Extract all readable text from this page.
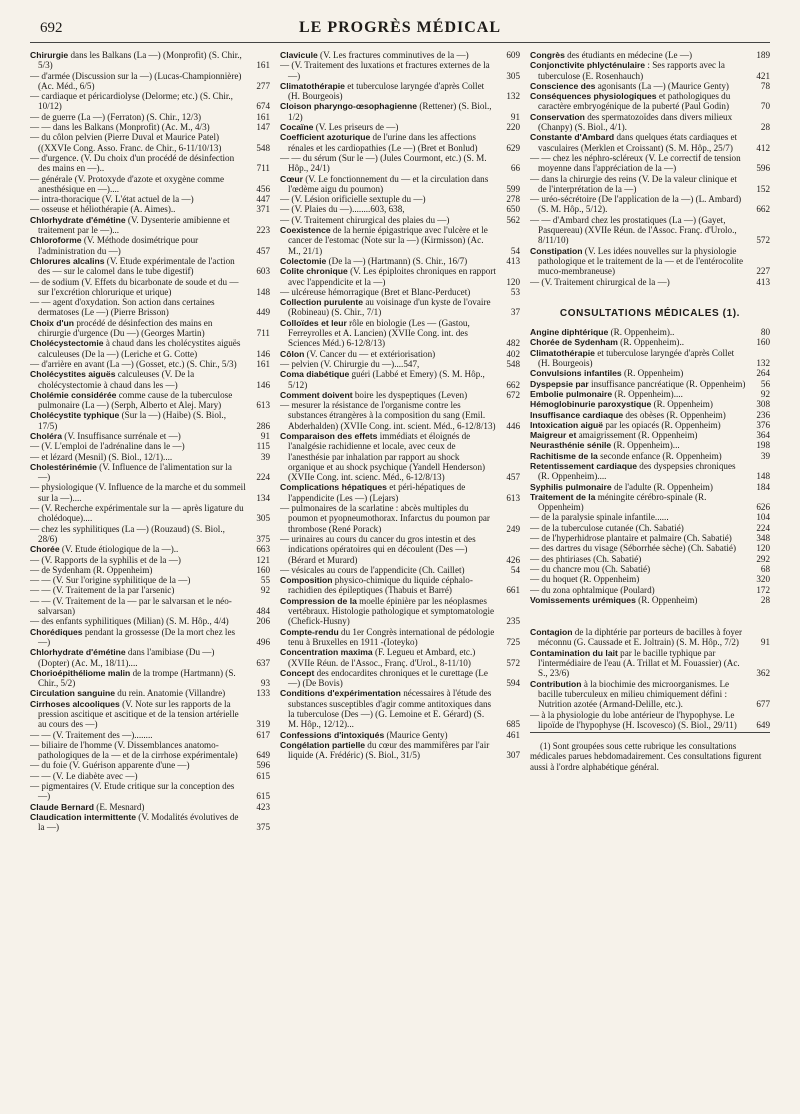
692	LE PROGRÈS MÉDICAL
Chirurgie dans les Balkans (La —) (Monprofit) (S. Chir., 5/3)	161
— d'armée (Discussion sur la —) (Lucas-Championnière) (Ac. Méd., 6/5)	277
— cardiaque et péricardiolyse (Delorme; etc.) (S. Chir., 10/12)	674
— de guerre (La —) (Ferraton) (S. Chir., 12/3)	161
— — dans les Balkans (Monprofit) (Ac. M., 4/3)	147
— du côlon pelvien (Pierre Duval et Maurice Patel) ((XXVIe Cong. Asso. Franc. de Chir., 6-11/10/13)	548
— d'urgence. (V. Du choix d'un procédé de désinfection des mains en —)..	711
— générale (V. Protoxyde d'azote et oxygène comme anesthésique en —)....	456
— intra-thoracique (V. L'état actuel de la —)	447
— osseuse et héliothérapie (A. Aimes)..	371
Chlorhydrate d'émétine (V. Dysenterie amibienne et traitement par le —)...	223
Chloroforme (V. Méthode dosimétrique pour l'administration du —)	457
Chlorures alcalins (V. Etude expérimentale de l'action des — sur le calomel dans le tube digestif)	603
— de sodium (V. Effets du bicarbonate de soude et du — sur l'excrétion chlorurique et urique)	148
— — agent d'oxydation. Son action dans certaines dermatoses (Le —) (Pierre Brisson)	449
Choix d'un procédé de désinfection des mains en chirurgie d'urgence (Du —) (Georges Martin)	711
Cholécystectomie à chaud dans les cholécystites aiguës calculeuses (De la —) (Leriche et G. Cotte)	146
— d'arrière en avant (La —) (Gosset, etc.) (S. Chir., 5/3)	161
Cholécystites aiguës calculeuses (V. De la cholécystectomie à chaud dans les —)	146
Cholémie considérée comme cause de la tuberculose pulmonaire (La —) (Serph, Alberto et Alej. Mary)	613
Cholécystite typhique (Sur la —) (Haibe) (S. Biol., 17/5)	286
Choléra (V. Insuffisance surrénale et —)	91
— (V. L'emploi de l'adrénaline dans le —)	115
— et lézard (Mesnil) (S. Biol., 12/1)....	39
Cholestérinémie (V. Influence de l'alimentation sur la —)	224
— physiologique (V. Influence de la marche et du sommeil sur la —)....	134
— (V. Recherche expérimentale sur la — après ligature du cholédoque)....	305
— chez les syphilitiques (La —) (Rouzaud) (S. Biol., 28/6)	375
Chorée (V. Etude étiologique de la —)..	663
— (V. Rapports de la syphilis et de la —)	121
— de Sydenham (R. Oppenheim)	160
— — (V. Sur l'origine syphilitique de la —)	55
— — (V. Traitement de la par l'arsenic)	92
— — (V. Traitement de la — par le salvarsan et le néo-salvarsan)	484
— des enfants syphilitiques (Milian) (S. M. Hôp., 4/4)	206
Chorédiques pendant la grossesse (De la mort chez les —)	496
Chlorhydrate d'émétine dans l'amibiase (Du —) (Dopter) (Ac. M., 18/11)....	637
Chorioépithéliome malin de la trompe (Hartmann) (S. Chir., 5/2)	93
Circulation sanguine du rein. Anatomie (Villandre)	133
Cirrhoses alcooliques (V. Note sur les rapports de la pression ascitique et ascitique et de la tension artérielle au cours des —)	319
— — (V. Traitement des —)........	617
— biliaire de l'homme (V. Dissemblances anatomo-pathologiques de la — et de la cirrhose expérimentale)	649
— du foie (V. Guérison apparente d'une —)	596
— — (V. Le diabète avec —)	615
— pigmentaires (V. Etude critique sur la conception des —)	615
Claude Bernard (E. Mesnard)	423
Claudication intermittente (V. Modalités évolutives de la —)	375
Clavicule (V. Les fractures comminutives de la —)	609
— (V. Traitement des luxations et fractures externes de la —)	305
Climatothérapie et tuberculose laryngée d'après Collet (H. Bourgeois)	132
Cloison pharyngo-œsophagienne (Rettener) (S. Biol., 1/2)	91
Cocaïne (V. Les priseurs de —)	220
Coefficient azoturique de l'urine dans les affections rénales et les cardiopathies (Le —) (Bret et Bonlud)	629
— — du sérum (Sur le —) (Jules Courmont, etc.) (S. M. Hôp., 24/1)	66
Cœur (V. Le fonctionnement du — et la circulation dans l'œdème aigu du poumon)	599
— (V. Lésion orificielle sextuple du —)	278
— (V. Plaies du —)........603, 638,	650
— (V. Traitement chirurgical des plaies du —)	562
Coexistence de la hernie épigastrique avec l'ulcère et le cancer de l'estomac (Note sur la —) (Kirmisson) (Ac. M., 21/1)	54
Colectomie (De la —) (Hartmann) (S. Chir., 16/7)	413
Colite chronique (V. Les épiploites chroniques en rapport avec l'appendicite et la —)	120
— ulcéreuse hémorragique (Bret et Blanc-Perducet)	53
Collection purulente au voisinage d'un kyste de l'ovaire (Robineau) (S. Chir., 7/1)	37
Colloïdes et leur rôle en biologie (Les — (Gastou, Ferreyrolles et A. Lancien) (XVIIe Cong. int. des Sciences Méd.) 6-12/8/13)	482
Côlon (V. Cancer du — et extériorisation)	402
— pelvien (V. Chirurgie du —)....547,	548
Coma diabétique guéri (Labbé et Emery) (S. M. Hôp., 5/12)	662
Comment doivent boire les dyspeptiques (Leven)	672
— mesurer la résistance de l'organisme contre les substances étrangères à la composition du sang (Emil. Abderhalden) (XVIIe Cong. int. scient. Méd., 6-12/8/13)	446
Comparaison des effets immédiats et éloignés de l'analgésie rachidienne et locale, avec ceux de l'anesthésie par inhalation par rapport au shock organique et au shock psychique (Yandell Henderson) (XVIIe Cong. int. scienc. Méd., 6-12/8/13)	457
Complications hépatiques et péri-hépatiques de l'appendicite (Les —) (Lejars)	613
— pulmonaires de la scarlatine : abcès multiples du poumon et pyopneumothorax. Infarctus du poumon par thrombose (René Porack)	249
— urinaires au cours du cancer du gros intestin et des indications opératoires qui en découlent (Des —) (Bérard et Murard)	426
— vésicales au cours de l'appendicite (Ch. Caillet)	54
Composition physico-chimique du liquide céphalo-rachidien des épileptiques (Thabuis et Barré)	661
Compression de la moelle épinière par les néoplasmes vertébraux. Histologie pathologique et symptomatologie (Chefick-Husny)	235
Compte-rendu du 1er Congrès international de pédologie tenu à Bruxelles en 1911 -(Ioteyko)	725
Concentration maxima (F. Legueu et Ambard, etc.) (XVIIe Réun. de l'Assoc., Franç. d'Urol., 8-11/10)	572
Concept des endocardites chroniques et le curettage (Le —) (De Bovis)	594
Conditions d'expérimentation nécessaires à l'étude des substances susceptibles d'agir comme antitoxiques dans la tuberculose (Des —) (G. Lemoine et E. Gérard) (S. M. Hôp., 12/12)...	685
Confessions d'intoxiqués (Maurice Genty)	461
Congélation partielle du cœur des mammifères par l'air liquide (A. Frédéric) (S. Biol., 31/5)	307
Congrès des étudiants en médecine (Le —)	189
Conjonctivite phlycténulaire : Ses rapports avec la tuberculose (E. Rosenhauch)	421
Conscience des agonisants (La —) (Maurice Genty)	78
Conséquences physiologiques et pathologiques du caractère embryogénique de la puberté (Paul Godin)	70
Conservation des spermatozoïdes dans divers milieux (Chanpy) (S. Biol., 4/1).	28
Constante d'Ambard dans quelques états cardiaques et vasculaires (Merklen et Croissant) (S. M. Hôp., 25/7)	412
— — chez les néphro-scléreux (V. Le correctif de tension moyenne dans l'appréciation de la —)	596
— dans la chirurgie des reins (V. De la valeur clinique et de l'interprétation de la —)	152
— uréo-sécrétoire (De l'application de la —) (L. Ambard) (S. M. Hôp., 5/12).	662
— — d'Ambard chez les prostatiques (La —) (Gayet, Pasquereau) (XVIIe Réun. de l'Assoc. Franç. d'Urolo., 8/11/10)	572
Constipation (V. Les idées nouvelles sur la physiologie pathologique et le traitement de la — et de l'entérocolite muco-membraneuse)	227
— (V. Traitement chirurgical de la —)	413
CONSULTATIONS MÉDICALES (1).
Angine diphtérique (R. Oppenheim)..	80
Chorée de Sydenham (R. Oppenheim)..	160
Climatothérapie et tuberculose laryngée d'après Collet (H. Bourgeois)	132
Convulsions infantiles (R. Oppenheim)	264
Dyspepsie par insuffisance pancréatique (R. Oppenheim)	56
Embolie pulmonaire (R. Oppenheim)....	92
Hémoglobinurie paroxystique (R. Oppenheim)	308
Insuffisance cardiaque des obèses (R. Oppenheim)	236
Intoxication aiguë par les opiacés (R. Oppenheim)	376
Maigreur et amaigrissement (R. Oppenheim)	364
Neurasthénie sénile (R. Oppenheim)...	198
Rachitisme de la seconde enfance (R. Oppenheim)	39
Retentissement cardiaque des dyspepsies chroniques (R. Oppenheim)....	148
Syphilis pulmonaire de l'adulte (R. Oppenheim)	184
Traitement de la méningite cérébro-spinale (R. Oppenheim)	626
— de la paralysie spinale infantile......	104
— de la tuberculose cutanée (Ch. Sabatié)	224
— de l'hyperhidrose plantaire et palmaire (Ch. Sabatié)	348
— des dartres du visage (Séborrhée sèche) (Ch. Sabatié)	120
— des phtiriases (Ch. Sabatié)	292
— du chancre mou (Ch. Sabatié)	68
— du hoquet (R. Oppenheim)	320
— du zona ophtalmique (Poulard)	172
Vomissements urémiques (R. Oppenheim)	28
Contagion de la diphtérie par porteurs de bacilles à foyer méconnu (G. Caussade et E. Joltrain) (S. M. Hôp., 7/2)	91
Contamination du lait par le bacille typhique par l'intermédiaire de l'eau (A. Trillat et M. Fouassier) (Ac. S., 23/6)	362
Contribution à la biochimie des microorganismes. Le bacille tuberculeux en milieu chimiquement défini : Nutrition azotée (Armand-Delille, etc.).	677
— à la physiologie du lobe antérieur de l'hypophyse. Le lipoïde de l'hypophyse (H. Iscovesco) (S. Biol., 29/11)	649
(1) Sont groupées sous cette rubrique les consultations médicales parues hebdomadairement. Ces consultations figurent aussi à l'ordre alphabétique général.
